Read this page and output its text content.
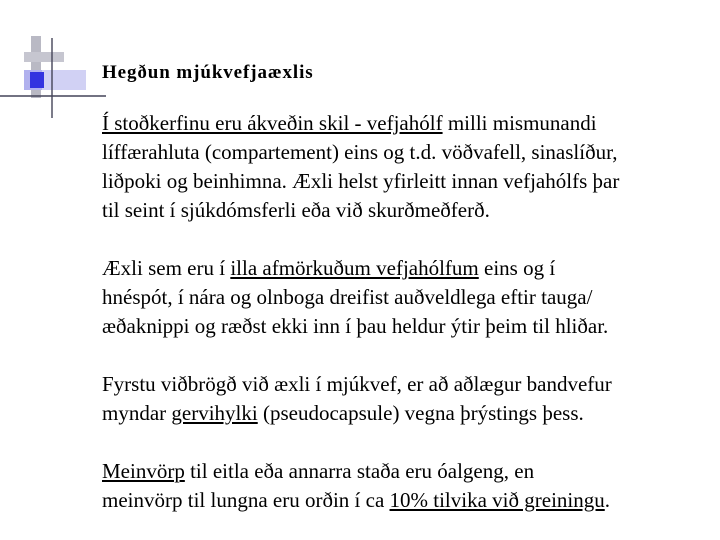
Hegðun mjúkvefjaæxlis

Í stoðkerfinu eru ákveðin skil - vefjahólf milli mismunandi
líffærahluta (compartement) eins og t.d. vöðvafell, sinaslíður,
liðpoki og beinhimna. Æxli helst yfirleitt innan vefjahólfs þar
til seint í sjúkdómsferli eða við skurðmeðferð.

Æxli sem eru í illa afmörkuðum vefjahólfum eins og í
hnéspót, í nára og olnboga dreifist auðveldlega eftir tauga/
æðaknippi og ræðst ekki inn í þau heldur ýtir þeim til hliðar.

Fyrstu viðbrögð við æxli í mjúkvef, er að aðlægur bandvefur
myndar gervihylki (pseudocapsule) vegna þrýstings þess.

Meinvörp til eitla eða annarra staða eru óalgeng, en
meinvörp til lungna eru orðin í ca 10% tilvika við greiningu.
